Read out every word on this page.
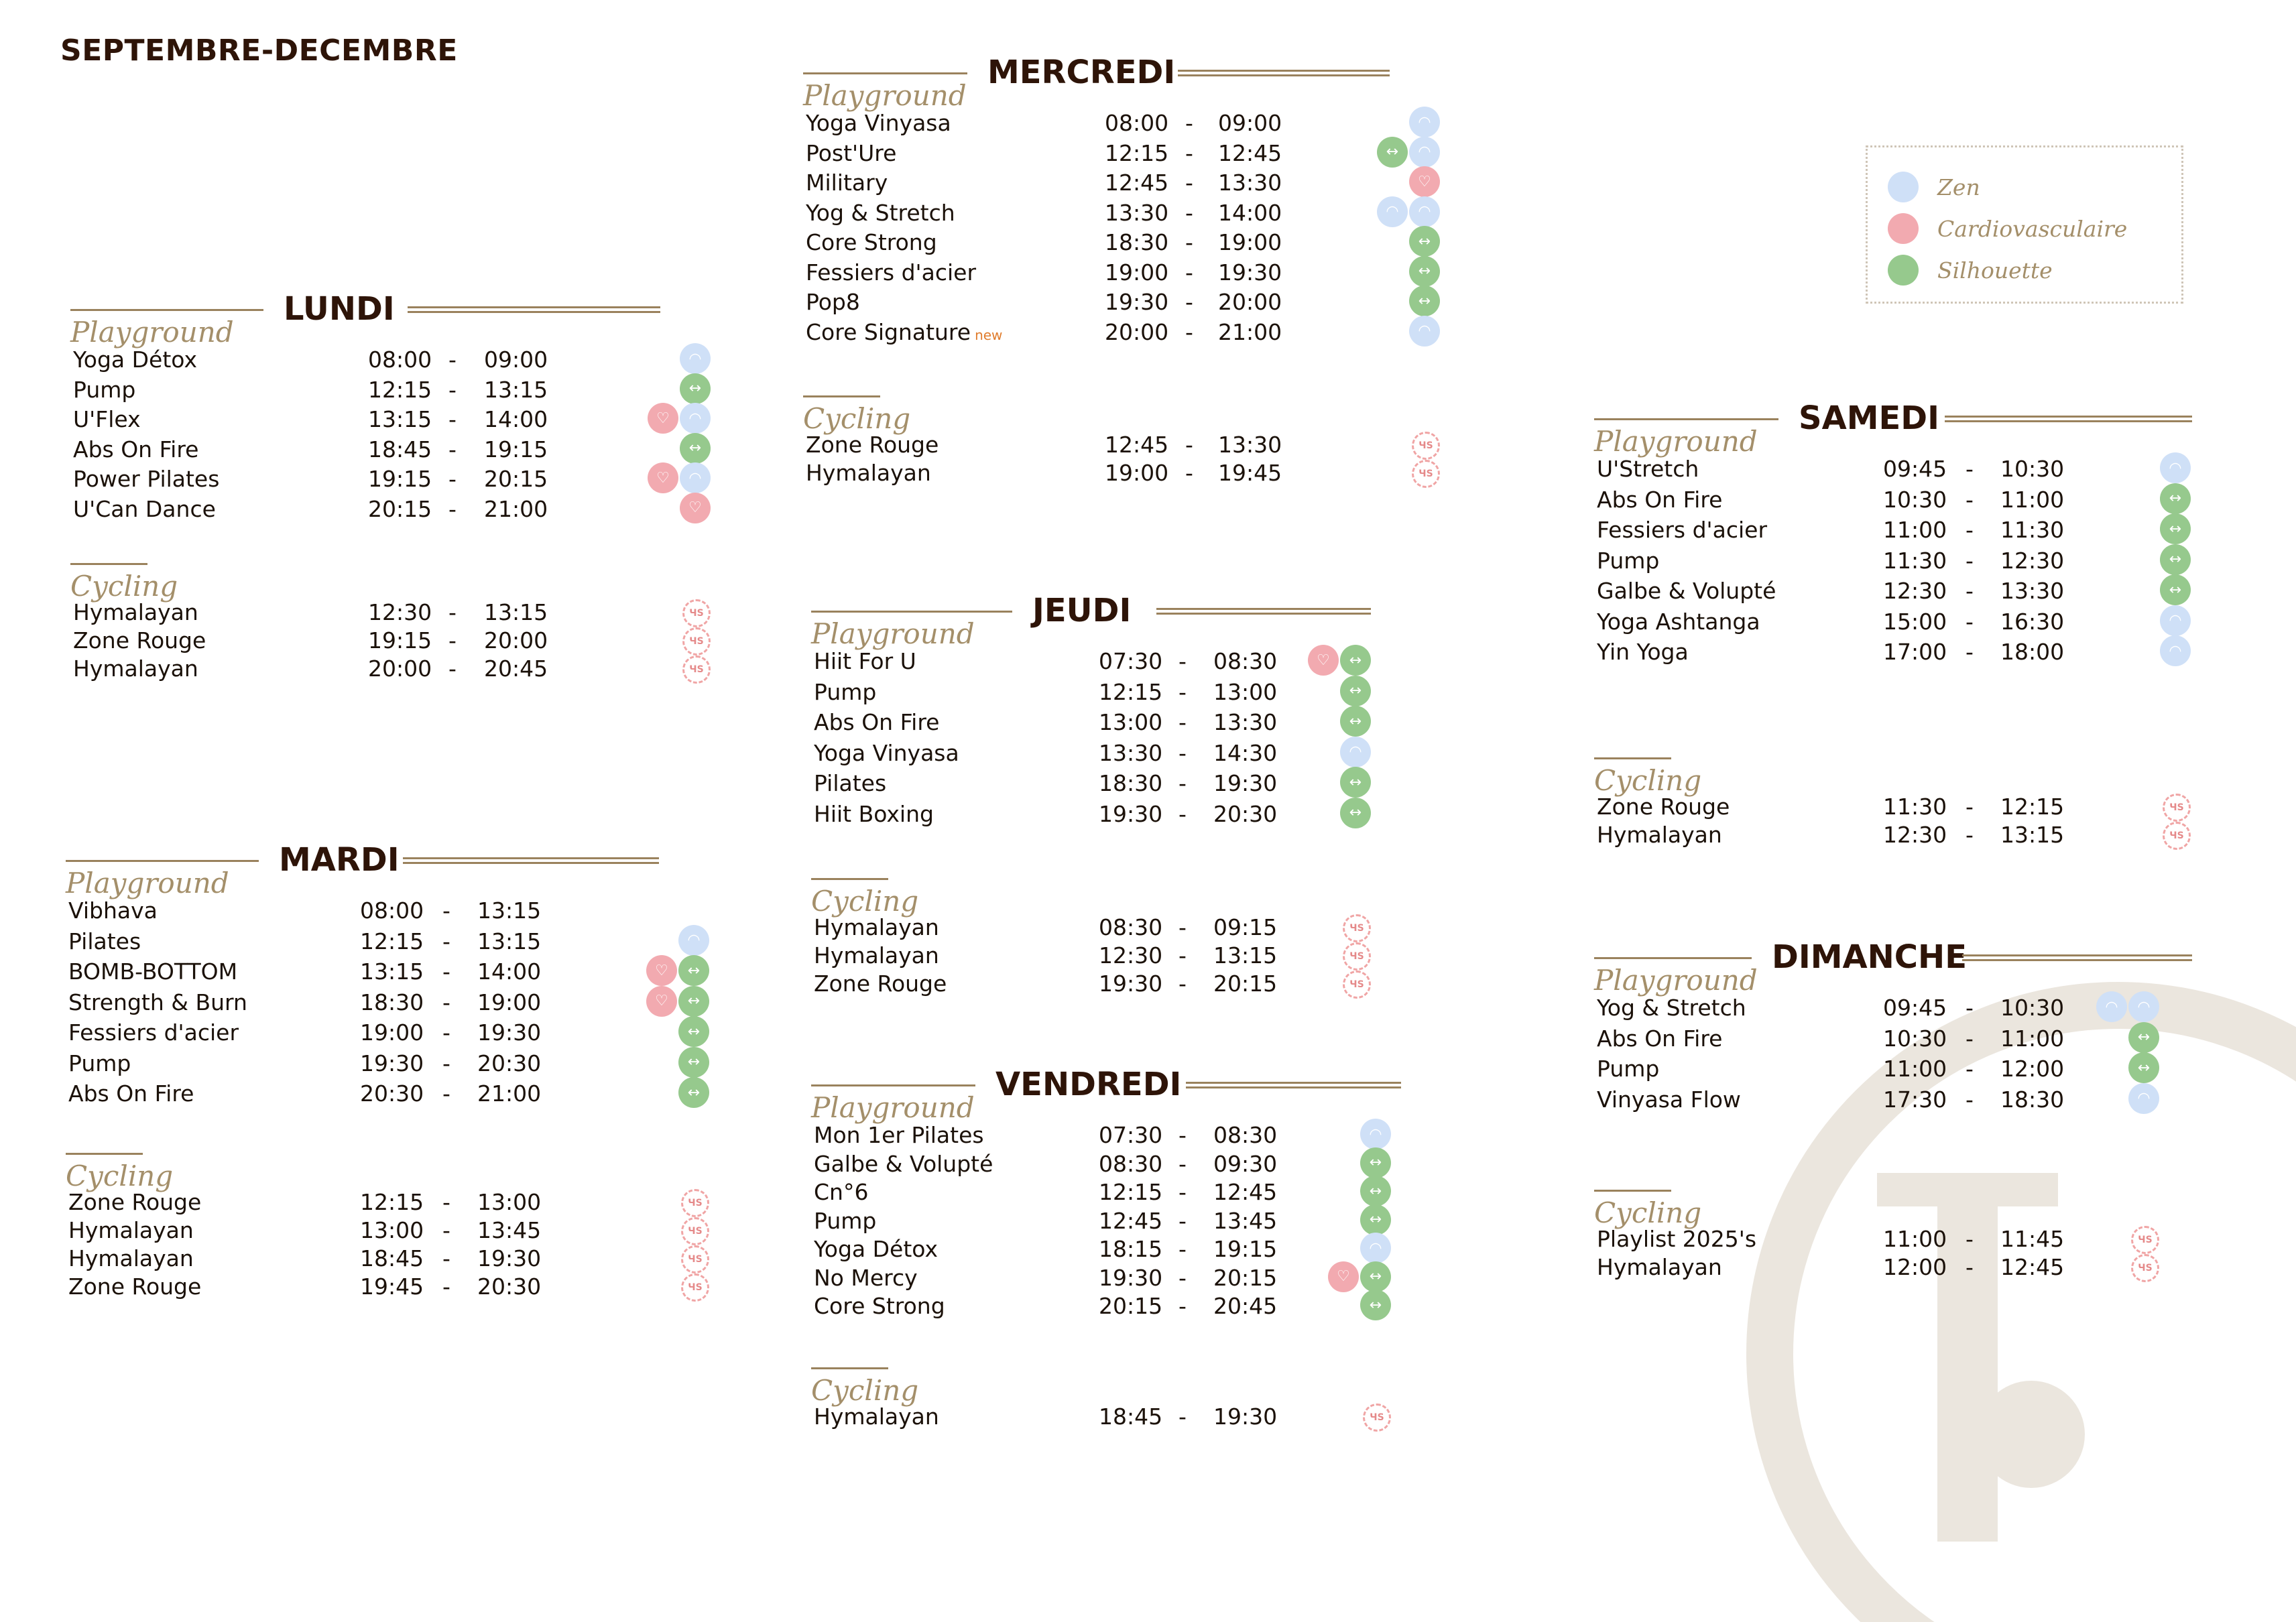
SEPTEMBRE-DECEMBRE
Zen
Cardiovasculaire
Silhouette
LUNDI
Playground
Yoga Détox	08:00 - 09:00	◠
Pump	12:15 - 13:15	↔
U'Flex	13:15 - 14:00	♡	◠
Abs On Fire	18:45 - 19:15	↔
Power Pilates	19:15 - 20:15	♡	◠
U'Can Dance	20:15 - 21:00	♡
Cycling
Hymalayan	12:30 - 13:15	ЧS
Zone Rouge	19:15 - 20:00	ЧS
Hymalayan	20:00 - 20:45	ЧS
MARDI
Playground
Vibhava	08:00 - 13:15
Pilates	12:15 - 13:15	◠
BOMB-BOTTOM	13:15 - 14:00	♡	↔
Strength & Burn	18:30 - 19:00	♡	↔
Fessiers d'acier	19:00 - 19:30	↔
Pump	19:30 - 20:30	↔
Abs On Fire	20:30 - 21:00	↔
Cycling
Zone Rouge	12:15 - 13:00	ЧS
Hymalayan	13:00 - 13:45	ЧS
Hymalayan	18:45 - 19:30	ЧS
Zone Rouge	19:45 - 20:30	ЧS
MERCREDI
Playground
Yoga Vinyasa	08:00 - 09:00	◠
Post'Ure	12:15 - 12:45	↔	◠
Military	12:45 - 13:30	♡
Yog & Stretch	13:30 - 14:00	◠	◠
Core Strong	18:30 - 19:00	↔
Fessiers d'acier	19:00 - 19:30	↔
Pop8	19:30 - 20:00	↔
Core Signature new	20:00 - 21:00	◠
Cycling
Zone Rouge	12:45 - 13:30	ЧS
Hymalayan	19:00 - 19:45	ЧS
JEUDI
Playground
Hiit For U	07:30 - 08:30	♡	↔
Pump	12:15 - 13:00	↔
Abs On Fire	13:00 - 13:30	↔
Yoga Vinyasa	13:30 - 14:30	◠
Pilates	18:30 - 19:30	↔
Hiit Boxing	19:30 - 20:30	↔
Cycling
Hymalayan	08:30 - 09:15	ЧS
Hymalayan	12:30 - 13:15	ЧS
Zone Rouge	19:30 - 20:15	ЧS
VENDREDI
Playground
Mon 1er Pilates	07:30 - 08:30	◠
Galbe & Volupté	08:30 - 09:30	↔
Cn°6	12:15 - 12:45	↔
Pump	12:45 - 13:45	↔
Yoga Détox	18:15 - 19:15	◠
No Mercy	19:30 - 20:15	♡	↔
Core Strong	20:15 - 20:45	↔
Cycling
Hymalayan	18:45 - 19:30	ЧS
SAMEDI
Playground
U'Stretch	09:45 - 10:30	◠
Abs On Fire	10:30 - 11:00	↔
Fessiers d'acier	11:00 - 11:30	↔
Pump	11:30 - 12:30	↔
Galbe & Volupté	12:30 - 13:30	↔
Yoga Ashtanga	15:00 - 16:30	◠
Yin Yoga	17:00 - 18:00	◠
Cycling
Zone Rouge	11:30 - 12:15	ЧS
Hymalayan	12:30 - 13:15	ЧS
DIMANCHE
Playground
Yog & Stretch	09:45 - 10:30	◠	◠
Abs On Fire	10:30 - 11:00	↔
Pump	11:00 - 12:00	↔
Vinyasa Flow	17:30 - 18:30	◠
Cycling
Playlist 2025's	11:00 - 11:45	ЧS
Hymalayan	12:00 - 12:45	ЧS
